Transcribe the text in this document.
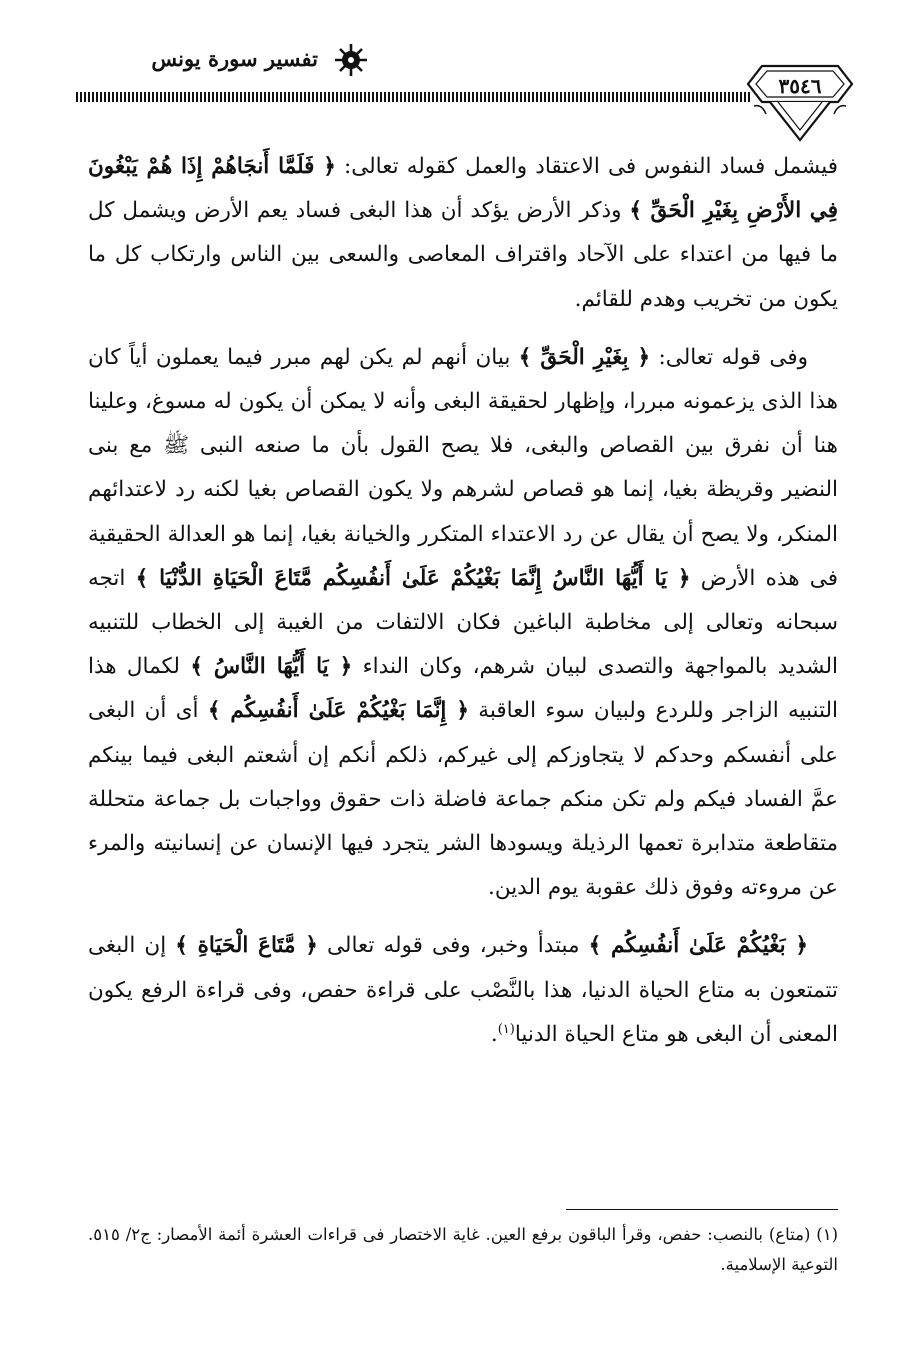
تفسير سورة يونس
٣٥٤٦

فيشمل فساد النفوس فى الاعتقاد والعمل كقوله تعالى: ﴿ فَلَمَّا أَنجَاهُمْ إِذَا هُمْ يَبْغُونَ فِي الأَرْضِ بِغَيْرِ الْحَقِّ ﴾ وذكر الأرض يؤكد أن هذا البغى فساد يعم الأرض ويشمل كل ما فيها من اعتداء على الآحاد واقتراف المعاصى والسعى بين الناس وارتكاب كل ما يكون من تخريب وهدم للقائم.

وفى قوله تعالى: ﴿ بِغَيْرِ الْحَقِّ ﴾ بيان أنهم لم يكن لهم مبرر فيما يعملون أياً كان هذا الذى يزعمونه مبررا، وإظهار لحقيقة البغى وأنه لا يمكن أن يكون له مسوغ، وعلينا هنا أن نفرق بين القصاص والبغى، فلا يصح القول بأن ما صنعه النبى ﷺ مع بنى النضير وقريظة بغيا، إنما هو قصاص لشرهم ولا يكون القصاص بغيا لكنه رد لاعتدائهم المنكر، ولا يصح أن يقال عن رد الاعتداء المتكرر والخيانة بغيا، إنما هو العدالة الحقيقية فى هذه الأرض ﴿ يَا أَيُّهَا النَّاسُ إِنَّمَا بَغْيُكُمْ عَلَىٰ أَنفُسِكُم مَّتَاعَ الْحَيَاةِ الدُّنْيَا ﴾ اتجه سبحانه وتعالى إلى مخاطبة الباغين فكان الالتفات من الغيبة إلى الخطاب للتنبيه الشديد بالمواجهة والتصدى لبيان شرهم، وكان النداء ﴿ يَا أَيُّهَا النَّاسُ ﴾ لكمال هذا التنبيه الزاجر وللردع ولبيان سوء العاقبة ﴿ إِنَّمَا بَغْيُكُمْ عَلَىٰ أَنفُسِكُم ﴾ أى أن البغى على أنفسكم وحدكم لا يتجاوزكم إلى غيركم، ذلكم أنكم إن أشعتم البغى فيما بينكم عمَّ الفساد فيكم ولم تكن منكم جماعة فاضلة ذات حقوق وواجبات بل جماعة متحللة متقاطعة متدابرة تعمها الرذيلة ويسودها الشر يتجرد فيها الإنسان عن إنسانيته والمرء عن مروءته وفوق ذلك عقوبة يوم الدين.

﴿ بَغْيُكُمْ عَلَىٰ أَنفُسِكُم ﴾ مبتدأ وخبر، وفى قوله تعالى ﴿ مَّتَاعَ الْحَيَاةِ ﴾ إن البغى تتمتعون به متاع الحياة الدنيا، هذا بالنَّصْب على قراءة حفص، وفى قراءة الرفع يكون المعنى أن البغى هو متاع الحياة الدنيا$^{(١)}$.

(١) (متاع) بالنصب: حفص، وقرأ الباقون برفع العين. غاية الاختصار فى قراءات العشرة أئمة الأمصار: ج٢/ ٥١٥. التوعية الإسلامية.
